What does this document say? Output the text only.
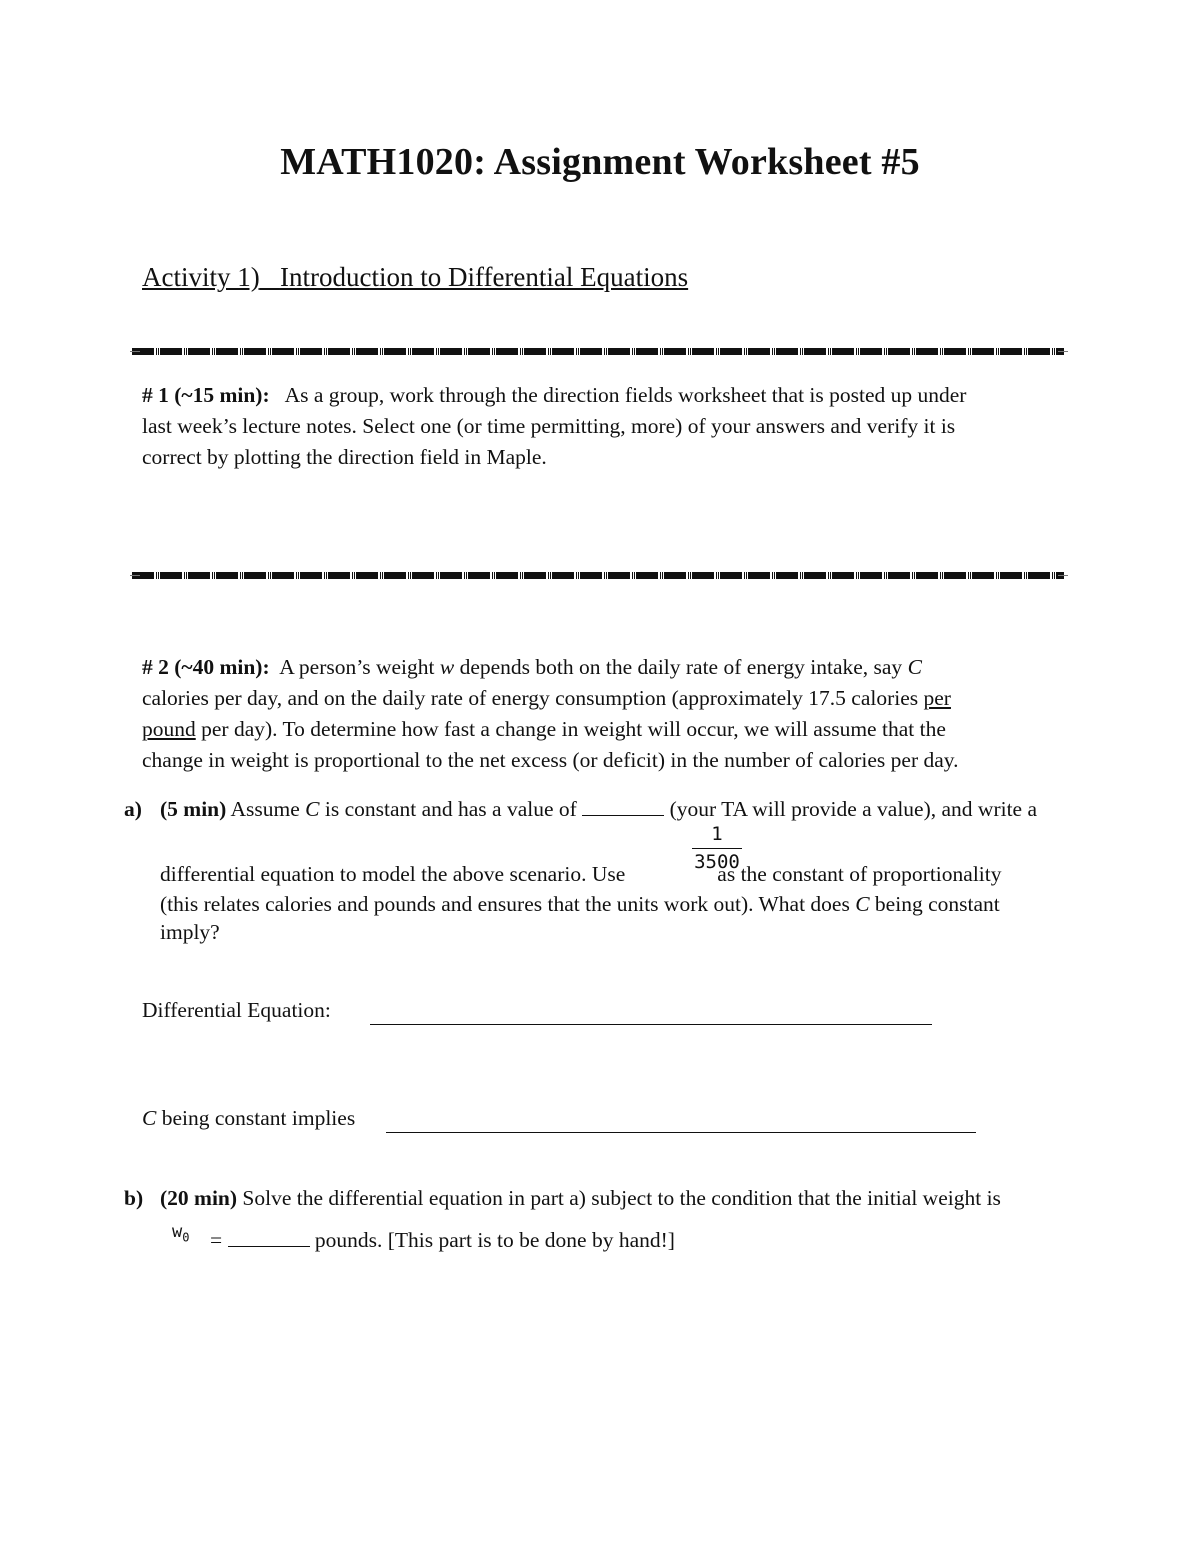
MATH1020: Assignment Worksheet #5
Activity 1) Introduction to Differential Equations
# 1 (~15 min): As a group, work through the direction fields worksheet that is posted up under
last week’s lecture notes. Select one (or time permitting, more) of your answers and verify it is
correct by plotting the direction field in Maple.
# 2 (~40 min): A person’s weight w depends both on the daily rate of energy intake, say C
calories per day, and on the daily rate of energy consumption (approximately 17.5 calories per
pound per day). To determine how fast a change in weight will occur, we will assume that the
change in weight is proportional to the net excess (or deficit) in the number of calories per day.
a) (5 min) Assume C is constant and has a value of	(your TA will provide a value), and write a
1
3500
differential equation to model the above scenario. Use	as the constant of proportionality
(this relates calories and pounds and ensures that the units work out). What does C being constant
imply?
Differential Equation:
C being constant implies
b) (20 min) Solve the differential equation in part a) subject to the condition that the initial weight is
$w_0$ =	pounds. [This part is to be done by hand!]
